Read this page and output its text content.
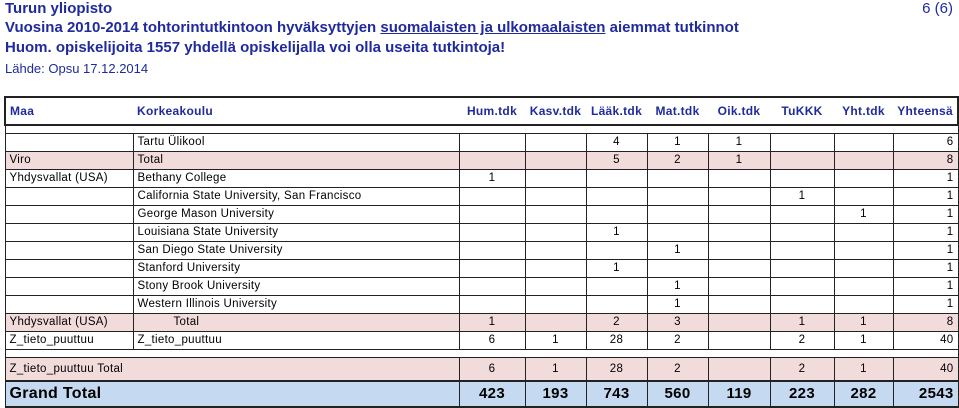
Turun yliopisto
Vuosina 2010-2014 tohtorintutkintoon hyväksyttyjen suomalaisten ja ulkomaalaisten aiemmat tutkinnot
Huom. opiskelijoita 1557 yhdellä opiskelijalla voi olla useita tutkintoja!
Lähde: Opsu 17.12.2014
6 (6)
Maa	Korkeakoulu	Hum.tdk	Kasv.tdk	Lääk.tdk	Mat.tdk	Oik.tdk	TuKKK	Yht.tdk	Yhteensä

	Tartu Ülikool			4	1	1			6
Viro	Total			5	2	1			8
Yhdysvallat (USA)	Bethany College	1							1
	California State University, San Francisco						1		1
	George Mason University							1	1
	Louisiana State University			1					1
	San Diego State University				1				1
	Stanford University			1					1
	Stony Brook University				1				1
	Western Illinois University				1				1
Yhdysvallat (USA)	Total	1		2	3		1	1	8
Z_tieto_puuttuu	Z_tieto_puuttuu	6	1	28	2		2	1	40

Z_tieto_puuttuu Total		6	1	28	2		2	1	40
Grand Total		423	193	743	560	119	223	282	2543
